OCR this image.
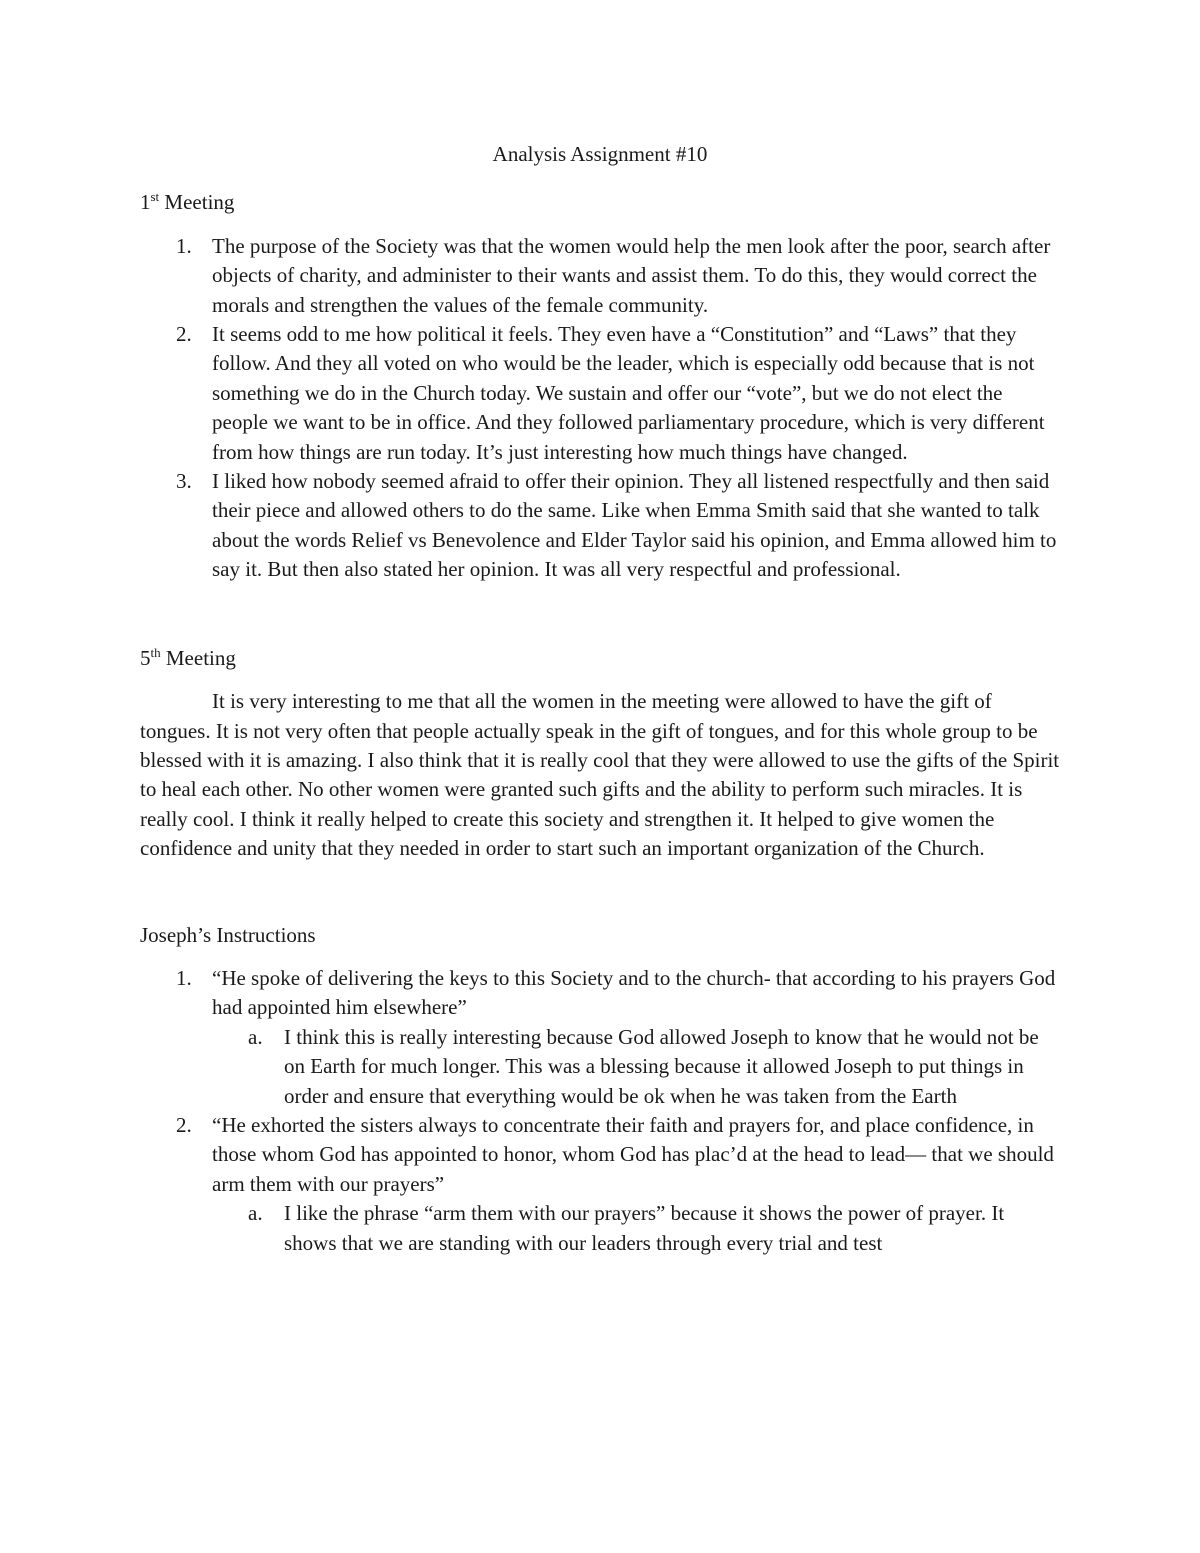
Analysis Assignment #10
1st Meeting
1. The purpose of the Society was that the women would help the men look after the poor, search after objects of charity, and administer to their wants and assist them. To do this, they would correct the morals and strengthen the values of the female community.
2. It seems odd to me how political it feels. They even have a “Constitution” and “Laws” that they follow. And they all voted on who would be the leader, which is especially odd because that is not something we do in the Church today. We sustain and offer our “vote”, but we do not elect the people we want to be in office. And they followed parliamentary procedure, which is very different from how things are run today. It’s just interesting how much things have changed.
3. I liked how nobody seemed afraid to offer their opinion. They all listened respectfully and then said their piece and allowed others to do the same. Like when Emma Smith said that she wanted to talk about the words Relief vs Benevolence and Elder Taylor said his opinion, and Emma allowed him to say it. But then also stated her opinion. It was all very respectful and professional.
5th Meeting

It is very interesting to me that all the women in the meeting were allowed to have the gift of tongues. It is not very often that people actually speak in the gift of tongues, and for this whole group to be blessed with it is amazing. I also think that it is really cool that they were allowed to use the gifts of the Spirit to heal each other. No other women were granted such gifts and the ability to perform such miracles. It is really cool. I think it really helped to create this society and strengthen it. It helped to give women the confidence and unity that they needed in order to start such an important organization of the Church.

Joseph’s Instructions
1. “He spoke of delivering the keys to this Society and to the church- that according to his prayers God had appointed him elsewhere”
a. I think this is really interesting because God allowed Joseph to know that he would not be on Earth for much longer. This was a blessing because it allowed Joseph to put things in order and ensure that everything would be ok when he was taken from the Earth
2. “He exhorted the sisters always to concentrate their faith and prayers for, and place confidence, in those whom God has appointed to honor, whom God has plac’d at the head to lead— that we should arm them with our prayers”
a. I like the phrase “arm them with our prayers” because it shows the power of prayer. It shows that we are standing with our leaders through every trial and test
